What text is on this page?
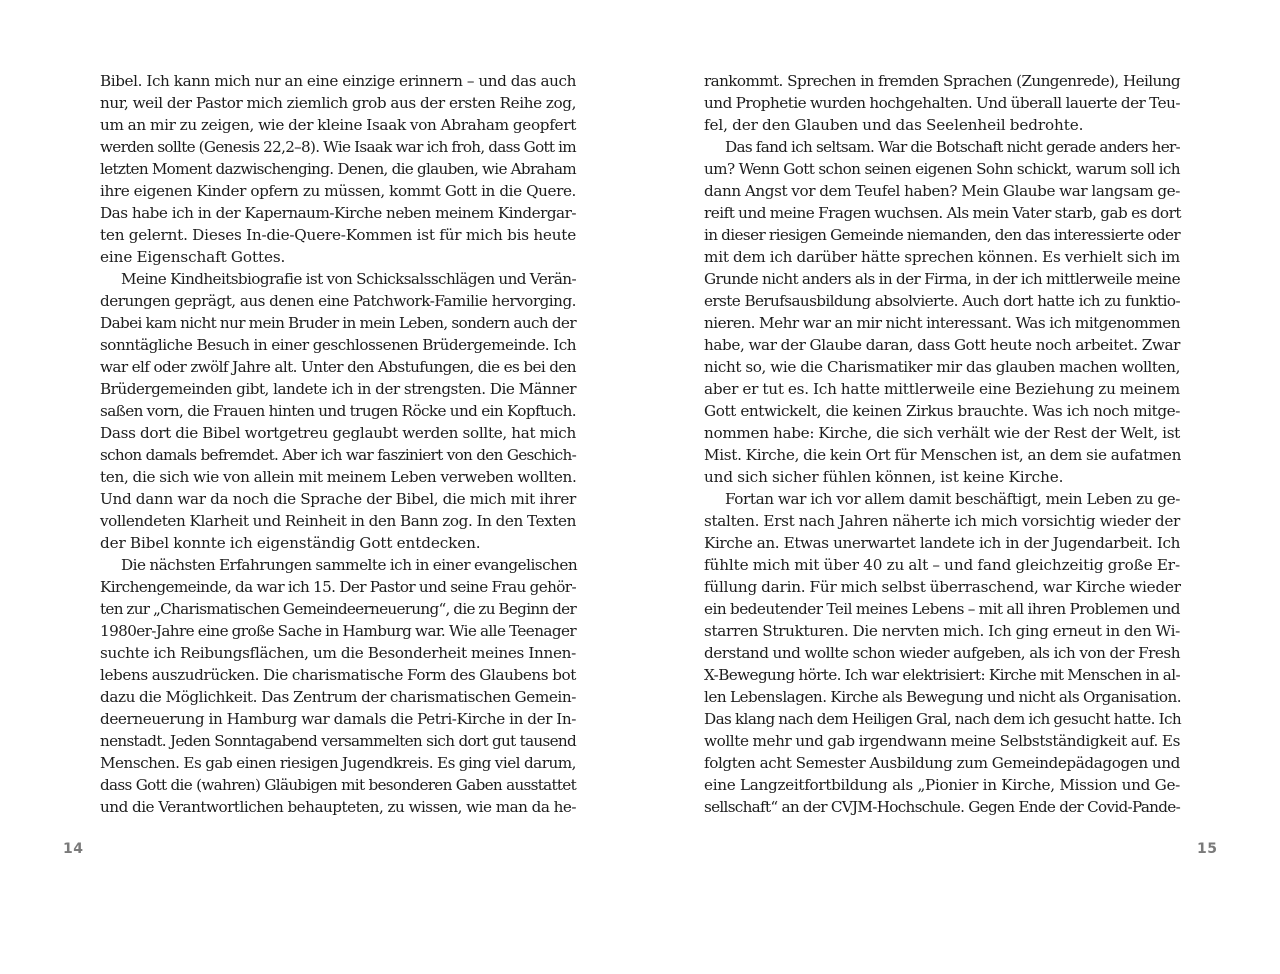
Bibel. Ich kann mich nur an eine einzige erinnern – und das auch
nur, weil der Pastor mich ziemlich grob aus der ersten Reihe zog,
um an mir zu zeigen, wie der kleine Isaak von Abraham geopfert
werden sollte (Genesis 22,2–8). Wie Isaak war ich froh, dass Gott im
letzten Moment dazwischenging. Denen, die glauben, wie Abraham
ihre eigenen Kinder opfern zu müssen, kommt Gott in die Quere.
Das habe ich in der Kapernaum-Kirche neben meinem Kindergar-
ten gelernt. Dieses In-die-Quere-Kommen ist für mich bis heute
eine Eigenschaft Gottes.
Meine Kindheitsbiografie ist von Schicksalsschlägen und Verän-
derungen geprägt, aus denen eine Patchwork-Familie hervorging.
Dabei kam nicht nur mein Bruder in mein Leben, sondern auch der
sonntägliche Besuch in einer geschlossenen Brüdergemeinde. Ich
war elf oder zwölf Jahre alt. Unter den Abstufungen, die es bei den
Brüdergemeinden gibt, landete ich in der strengsten. Die Männer
saßen vorn, die Frauen hinten und trugen Röcke und ein Kopftuch.
Dass dort die Bibel wortgetreu geglaubt werden sollte, hat mich
schon damals befremdet. Aber ich war fasziniert von den Geschich-
ten, die sich wie von allein mit meinem Leben verweben wollten.
Und dann war da noch die Sprache der Bibel, die mich mit ihrer
vollendeten Klarheit und Reinheit in den Bann zog. In den Texten
der Bibel konnte ich eigenständig Gott entdecken.
Die nächsten Erfahrungen sammelte ich in einer evangelischen
Kirchengemeinde, da war ich 15. Der Pastor und seine Frau gehör-
ten zur „Charismatischen Gemeindeerneuerung“, die zu Beginn der
1980er-Jahre eine große Sache in Hamburg war. Wie alle Teenager
suchte ich Reibungsflächen, um die Besonderheit meines Innen-
lebens auszudrücken. Die charismatische Form des Glaubens bot
dazu die Möglichkeit. Das Zentrum der charismatischen Gemein-
deerneuerung in Hamburg war damals die Petri-Kirche in der In-
nenstadt. Jeden Sonntagabend versammelten sich dort gut tausend
Menschen. Es gab einen riesigen Jugendkreis. Es ging viel darum,
dass Gott die (wahren) Gläubigen mit besonderen Gaben ausstattet
und die Verantwortlichen behaupteten, zu wissen, wie man da he-
14
rankommt. Sprechen in fremden Sprachen (Zungenrede), Heilung
und Prophetie wurden hochgehalten. Und überall lauerte der Teu-
fel, der den Glauben und das Seelenheil bedrohte.
Das fand ich seltsam. War die Botschaft nicht gerade anders her-
um? Wenn Gott schon seinen eigenen Sohn schickt, warum soll ich
dann Angst vor dem Teufel haben? Mein Glaube war langsam ge-
reift und meine Fragen wuchsen. Als mein Vater starb, gab es dort
in dieser riesigen Gemeinde niemanden, den das interessierte oder
mit dem ich darüber hätte sprechen können. Es verhielt sich im
Grunde nicht anders als in der Firma, in der ich mittlerweile meine
erste Berufsausbildung absolvierte. Auch dort hatte ich zu funktio-
nieren. Mehr war an mir nicht interessant. Was ich mitgenommen
habe, war der Glaube daran, dass Gott heute noch arbeitet. Zwar
nicht so, wie die Charismatiker mir das glauben machen wollten,
aber er tut es. Ich hatte mittlerweile eine Beziehung zu meinem
Gott entwickelt, die keinen Zirkus brauchte. Was ich noch mitge-
nommen habe: Kirche, die sich verhält wie der Rest der Welt, ist
Mist. Kirche, die kein Ort für Menschen ist, an dem sie aufatmen
und sich sicher fühlen können, ist keine Kirche.
Fortan war ich vor allem damit beschäftigt, mein Leben zu ge-
stalten. Erst nach Jahren näherte ich mich vorsichtig wieder der
Kirche an. Etwas unerwartet landete ich in der Jugendarbeit. Ich
fühlte mich mit über 40 zu alt – und fand gleichzeitig große Er-
füllung darin. Für mich selbst überraschend, war Kirche wieder
ein bedeutender Teil meines Lebens – mit all ihren Problemen und
starren Strukturen. Die nervten mich. Ich ging erneut in den Wi-
derstand und wollte schon wieder aufgeben, als ich von der Fresh
X-Bewegung hörte. Ich war elektrisiert: Kirche mit Menschen in al-
len Lebenslagen. Kirche als Bewegung und nicht als Organisation.
Das klang nach dem Heiligen Gral, nach dem ich gesucht hatte. Ich
wollte mehr und gab irgendwann meine Selbstständigkeit auf. Es
folgten acht Semester Ausbildung zum Gemeindepädagogen und
eine Langzeitfortbildung als „Pionier in Kirche, Mission und Ge-
sellschaft“ an der CVJM-Hochschule. Gegen Ende der Covid-Pande-
15
